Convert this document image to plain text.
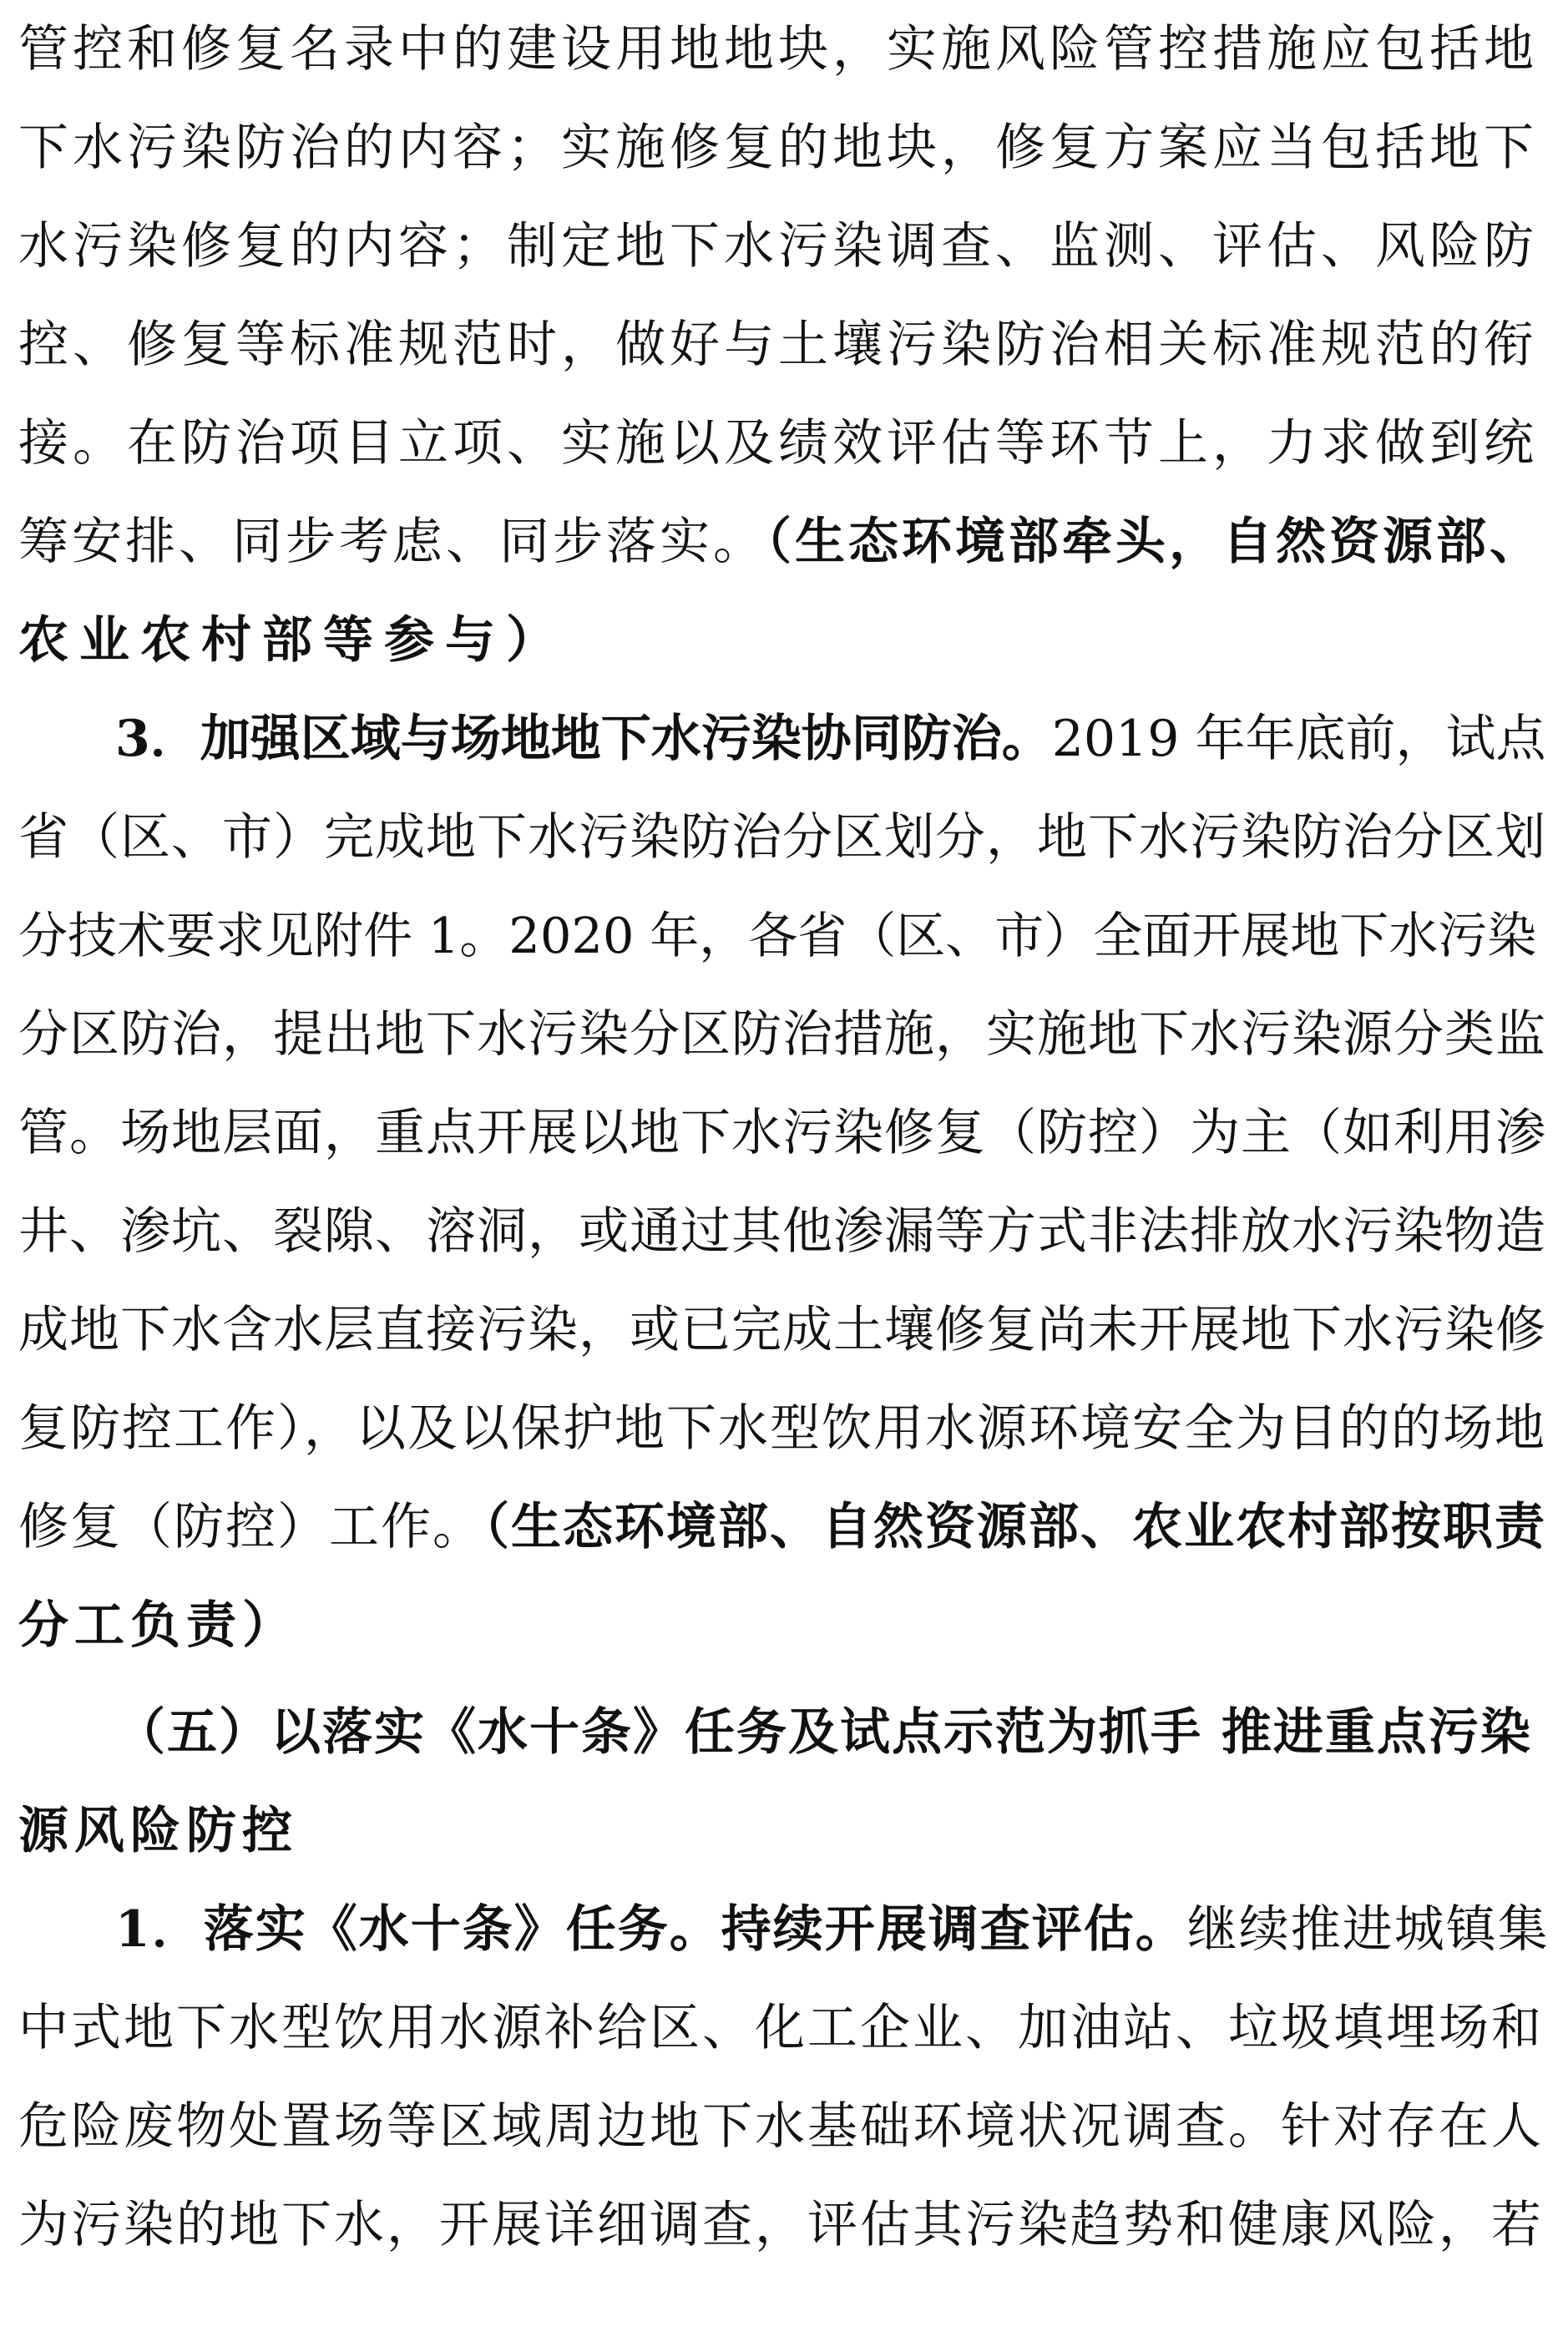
管控和修复名录中的建设用地地块，实施风险管控措施应包括地
下水污染防治的内容；实施修复的地块，修复方案应当包括地下
水污染修复的内容；制定地下水污染调查、监测、评估、风险防
控、修复等标准规范时，做好与土壤污染防治相关标准规范的衔
接。在防治项目立项、实施以及绩效评估等环节上，力求做到统
筹安排、同步考虑、同步落实。（生态环境部牵头，自然资源部、
农业农村部等参与）
3．加强区域与场地地下水污染协同防治。2019 年年底前，试点
省（区、市）完成地下水污染防治分区划分，地下水污染防治分区划
分技术要求见附件 1。2020 年，各省（区、市）全面开展地下水污染
分区防治，提出地下水污染分区防治措施，实施地下水污染源分类监
管。场地层面，重点开展以地下水污染修复（防控）为主（如利用渗
井、渗坑、裂隙、溶洞，或通过其他渗漏等方式非法排放水污染物造
成地下水含水层直接污染，或已完成土壤修复尚未开展地下水污染修
复防控工作），以及以保护地下水型饮用水源环境安全为目的的场地
修复（防控）工作。（生态环境部、自然资源部、农业农村部按职责
分工负责）
（五）以落实《水十条》任务及试点示范为抓手 推进重点污染
源风险防控
1．落实《水十条》任务。持续开展调查评估。继续推进城镇集
中式地下水型饮用水源补给区、化工企业、加油站、垃圾填埋场和
危险废物处置场等区域周边地下水基础环境状况调查。针对存在人
为污染的地下水，开展详细调查，评估其污染趋势和健康风险，若
